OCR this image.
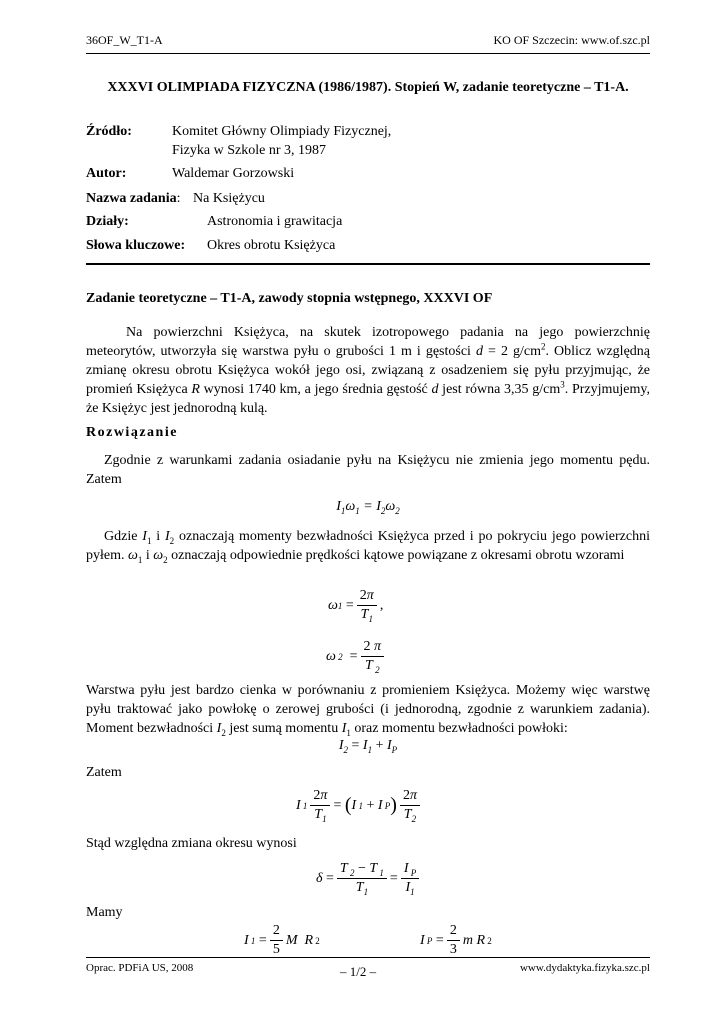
36OF_W_T1-A	KO OF Szczecin: www.of.szc.pl
XXXVI OLIMPIADA FIZYCZNA (1986/1987). Stopień W, zadanie teoretyczne – T1-A.
Źródło:	Komitet Główny Olimpiady Fizycznej,
Fizyka w Szkole nr 3, 1987
Autor:	Waldemar Gorzowski
Nazwa zadania: Na Księżycu
Działy:	Astronomia i grawitacja
Słowa kluczowe: Okres obrotu Księżyca
Zadanie teoretyczne – T1-A, zawody stopnia wstępnego, XXXVI OF
Na powierzchni Księżyca, na skutek izotropowego padania na jego powierzchnię meteorytów, utworzyła się warstwa pyłu o grubości 1 m i gęstości d = 2 $g/cm^2$. Oblicz względną zmianę okresu obrotu Księżyca wokół jego osi, związaną z osadzeniem się pyłu przyjmując, że promień Księżyca R wynosi 1740 km, a jego średnia gęstość d jest równa 3,35 $g/cm^3$. Przyjmujemy, że Księżyc jest jednorodną kulą.
Rozwiązanie
Zgodnie z warunkami zadania osiadanie pyłu na Księżycu nie zmienia jego momentu pędu. Zatem
$I_1\omega_1 = I_2\omega_2$
Gdzie $I_1$ i $I_2$ oznaczają momenty bezwładności Księżyca przed i po pokryciu jego powierzchni pyłem. $\omega_1$ i $\omega_2$ oznaczają odpowiednie prędkości kątowe powiązane z okresami obrotu wzorami
ω 1
= $\frac{2\pi}{T_1}$ ,
ω 2
= $\frac{2 \pi}{T _2}$
Warstwa pyłu jest bardzo cienka w porównaniu z promieniem Księżyca. Możemy więc warstwę pyłu traktować jako powłokę o zerowej grubości (i jednorodną, zgodnie z warunkiem zadania). Moment bezwładności $I_2$ jest sumą momentu $I_1$ oraz momentu bezwładności powłoki:
$I_2 = I_1 + I_P$
Zatem
I $1 \frac{2\pi}{T_1}$ =
( I 1
+ I P ) $\frac{2\pi}{T_2}$
Stąd względna zmiana okresu wynosi
$\delta = \frac{T _2 - T _1}{T_1} = \frac{I _P}{I_1}$
Mamy
I 1
= $\frac{2}{5}$ M  R 2	I P
= $\frac{2}{3}$ m R 2
Oprac. PDFiA US, 2008	– 1/2 –	www.dydaktyka.fizyka.szc.pl
